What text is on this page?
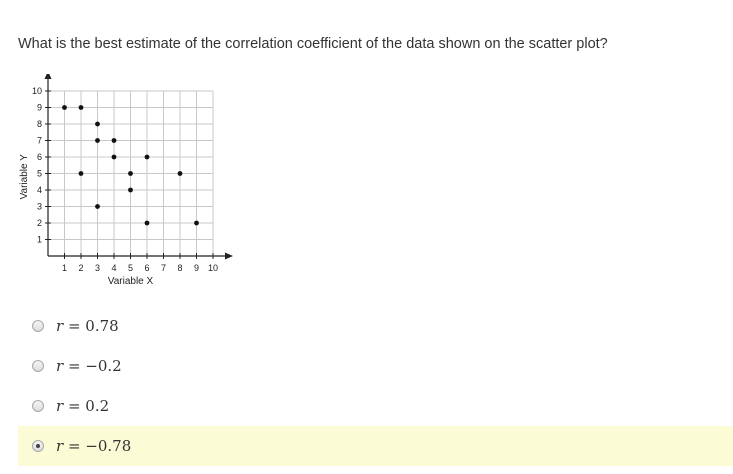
What is the best estimate of the correlation coefficient of the data shown on the scatter plot?

1 2 3 4 5 6 7 8 9 10
1
2
3
4
5
6
7
8
9
10
Variable X
Variable Y
r = 0.78
r = −0.2
r = 0.2
r = −0.78
